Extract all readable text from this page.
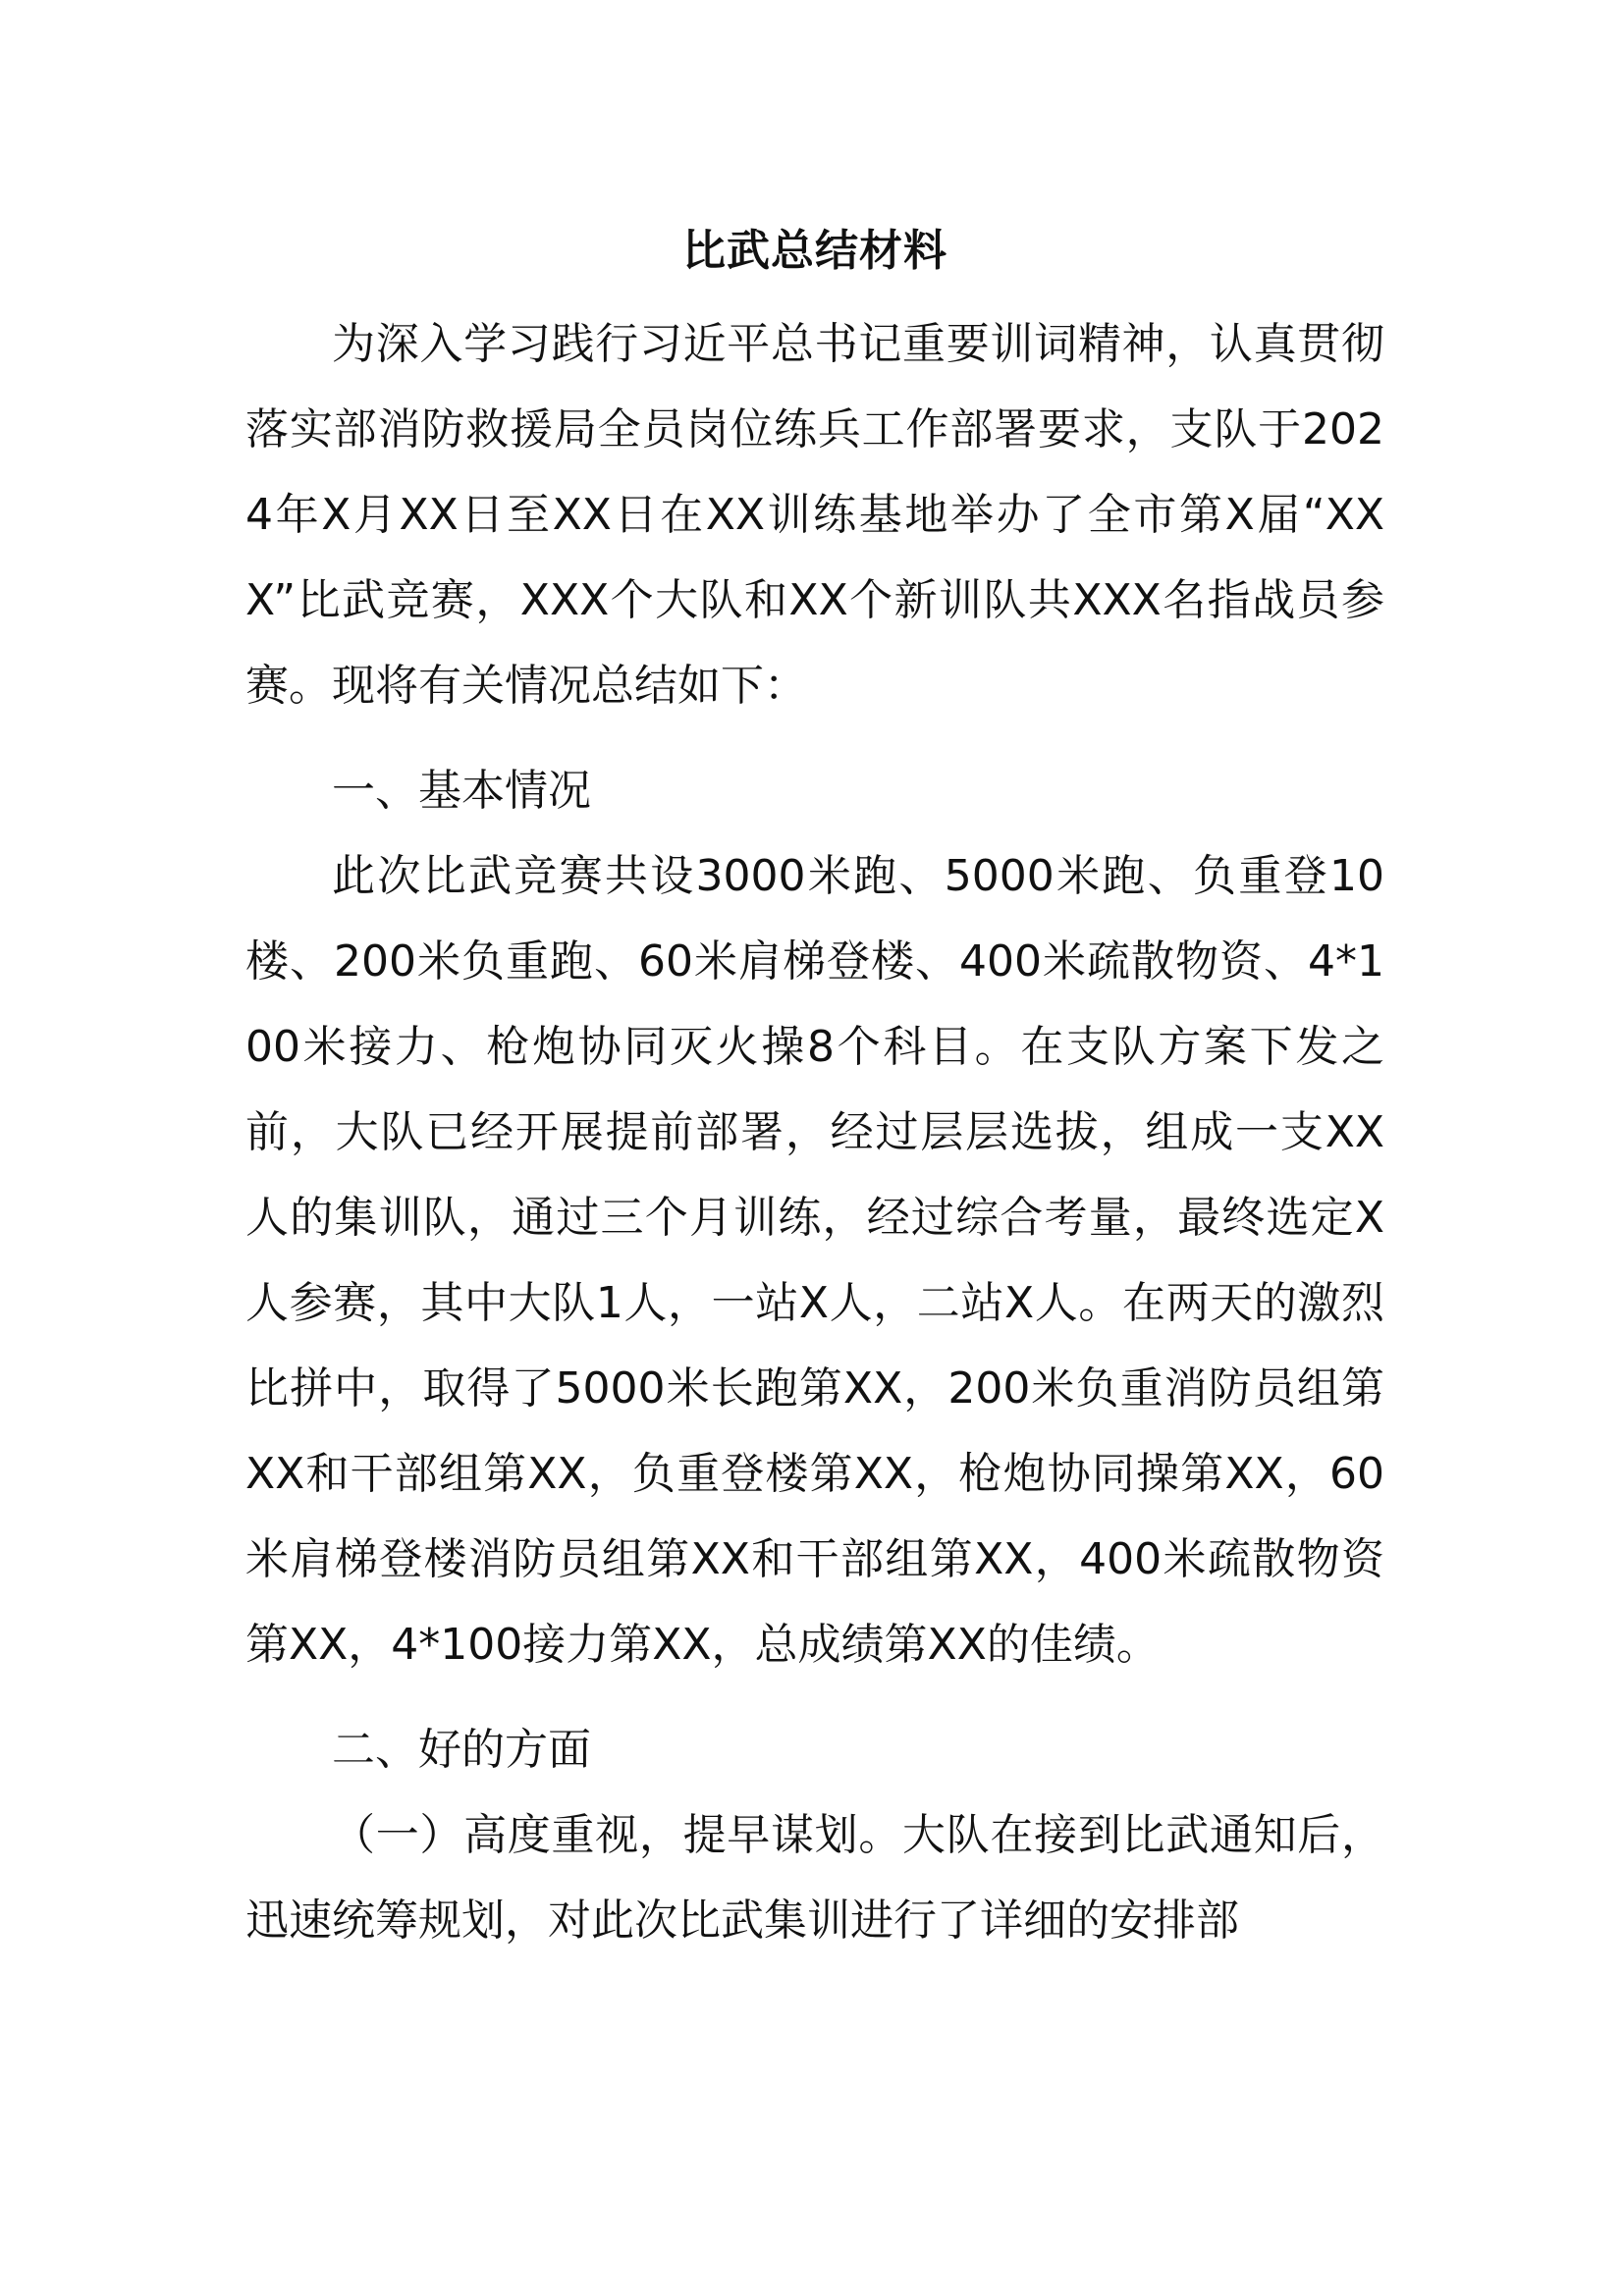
比武总结材料

为深入学习践行习近平总书记重要训词精神，认真贯彻落实部消防救援局全员岗位练兵工作部署要求，支队于2024年X月XX日至XX日在XX训练基地举办了全市第X届“XXX”比武竞赛，XXX个大队和XX个新训队共XXX名指战员参赛。现将有关情况总结如下：

一、基本情况

此次比武竞赛共设3000米跑、5000米跑、负重登10楼、200米负重跑、60米肩梯登楼、400米疏散物资、4*100米接力、枪炮协同灭火操8个科目。在支队方案下发之前，大队已经开展提前部署，经过层层选拔，组成一支XX人的集训队，通过三个月训练，经过综合考量，最终选定X人参赛，其中大队1人，一站X人，二站X人。在两天的激烈比拼中，取得了5000米长跑第XX，200米负重消防员组第XX和干部组第XX，负重登楼第XX，枪炮协同操第XX，60米肩梯登楼消防员组第XX和干部组第XX，400米疏散物资第XX，4*100接力第XX，总成绩第XX的佳绩。

二、好的方面

（一）高度重视，提早谋划。大队在接到比武通知后，迅速统筹规划，对此次比武集训进行了详细的安排部
